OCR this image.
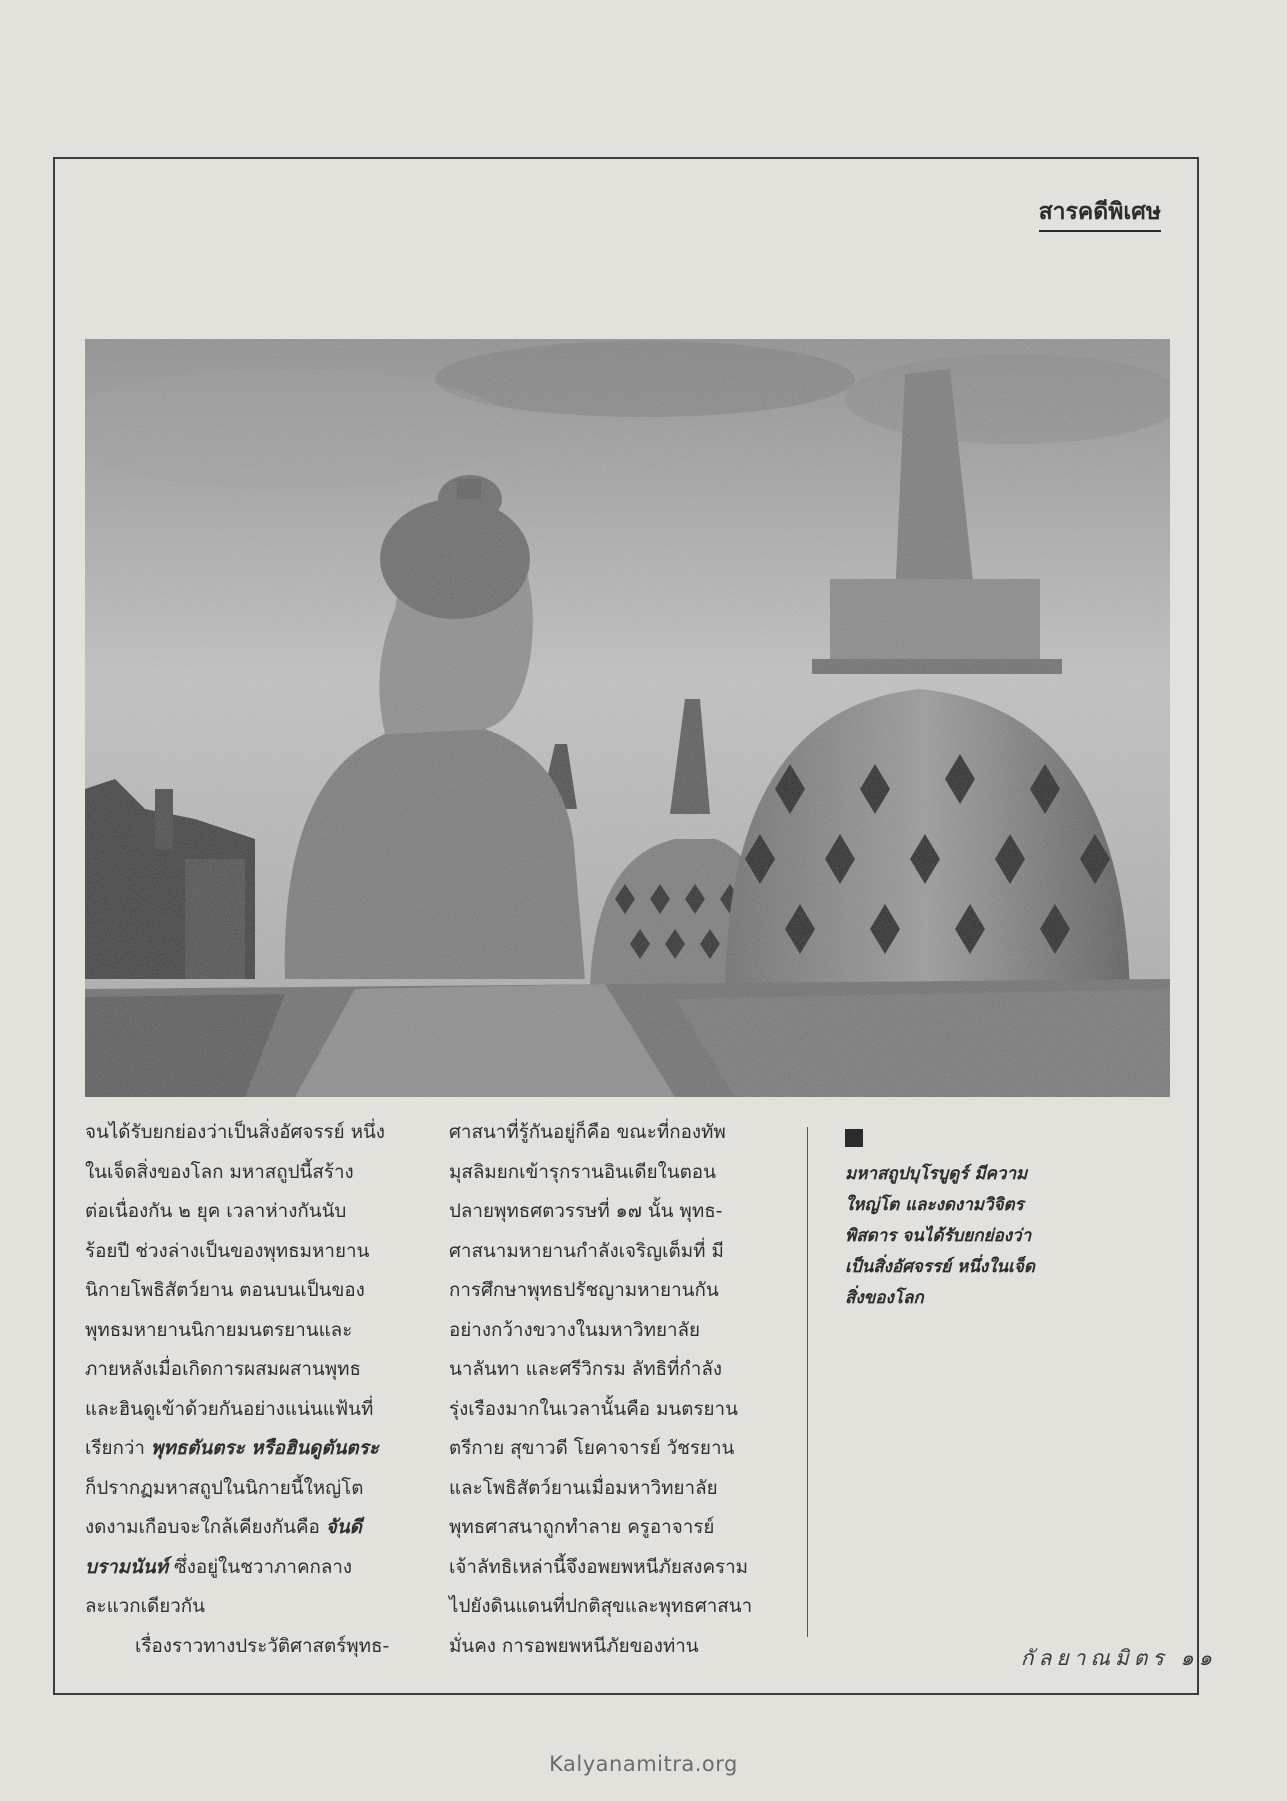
สารคดีพิเศษ
จนได้รับยกย่องว่าเป็นสิ่งอัศจรรย์ หนึ่ง
ในเจ็ดสิ่งของโลก มหาสถูปนี้สร้าง
ต่อเนื่องกัน ๒ ยุค เวลาห่างกันนับ
ร้อยปี ช่วงล่างเป็นของพุทธมหายาน
นิกายโพธิสัตว์ยาน ตอนบนเป็นของ
พุทธมหายานนิกายมนตรยานและ
ภายหลังเมื่อเกิดการผสมผสานพุทธ
และฮินดูเข้าด้วยกันอย่างแน่นแฟ้นที่
เรียกว่า พุทธตันตระ หรือฮินดูตันตระ
ก็ปรากฏมหาสถูปในนิกายนี้ใหญ่โต
งดงามเกือบจะใกล้เคียงกันคือ จันดี
บรามนันท์ ซึ่งอยู่ในชวาภาคกลาง
ละแวกเดียวกัน
เรื่องราวทางประวัติศาสตร์พุทธ-
ศาสนาที่รู้กันอยู่ก็คือ ขณะที่กองทัพ
มุสลิมยกเข้ารุกรานอินเดียในตอน
ปลายพุทธศตวรรษที่ ๑๗ นั้น พุทธ-
ศาสนามหายานกำลังเจริญเต็มที่ มี
การศึกษาพุทธปรัชญามหายานกัน
อย่างกว้างขวางในมหาวิทยาลัย
นาลันทา และศรีวิกรม ลัทธิที่กำลัง
รุ่งเรืองมากในเวลานั้นคือ มนตรยาน
ตรีกาย สุขาวดี โยคาจารย์ วัชรยาน
และโพธิสัตว์ยานเมื่อมหาวิทยาลัย
พุทธศาสนาถูกทำลาย ครูอาจารย์
เจ้าลัทธิเหล่านี้จึงอพยพหนีภัยสงคราม
ไปยังดินแดนที่ปกติสุขและพุทธศาสนา
มั่นคง การอพยพหนีภัยของท่าน
มหาสถูปบุโรบูดูร์ มีความ
ใหญ่โต และงดงามวิจิตร
พิสดาร จนได้รับยกย่องว่า
เป็นสิ่งอัศจรรย์ หนึ่งในเจ็ด
สิ่งของโลก
กัลยาณมิตร ๑๑
Kalyanamitra.org
